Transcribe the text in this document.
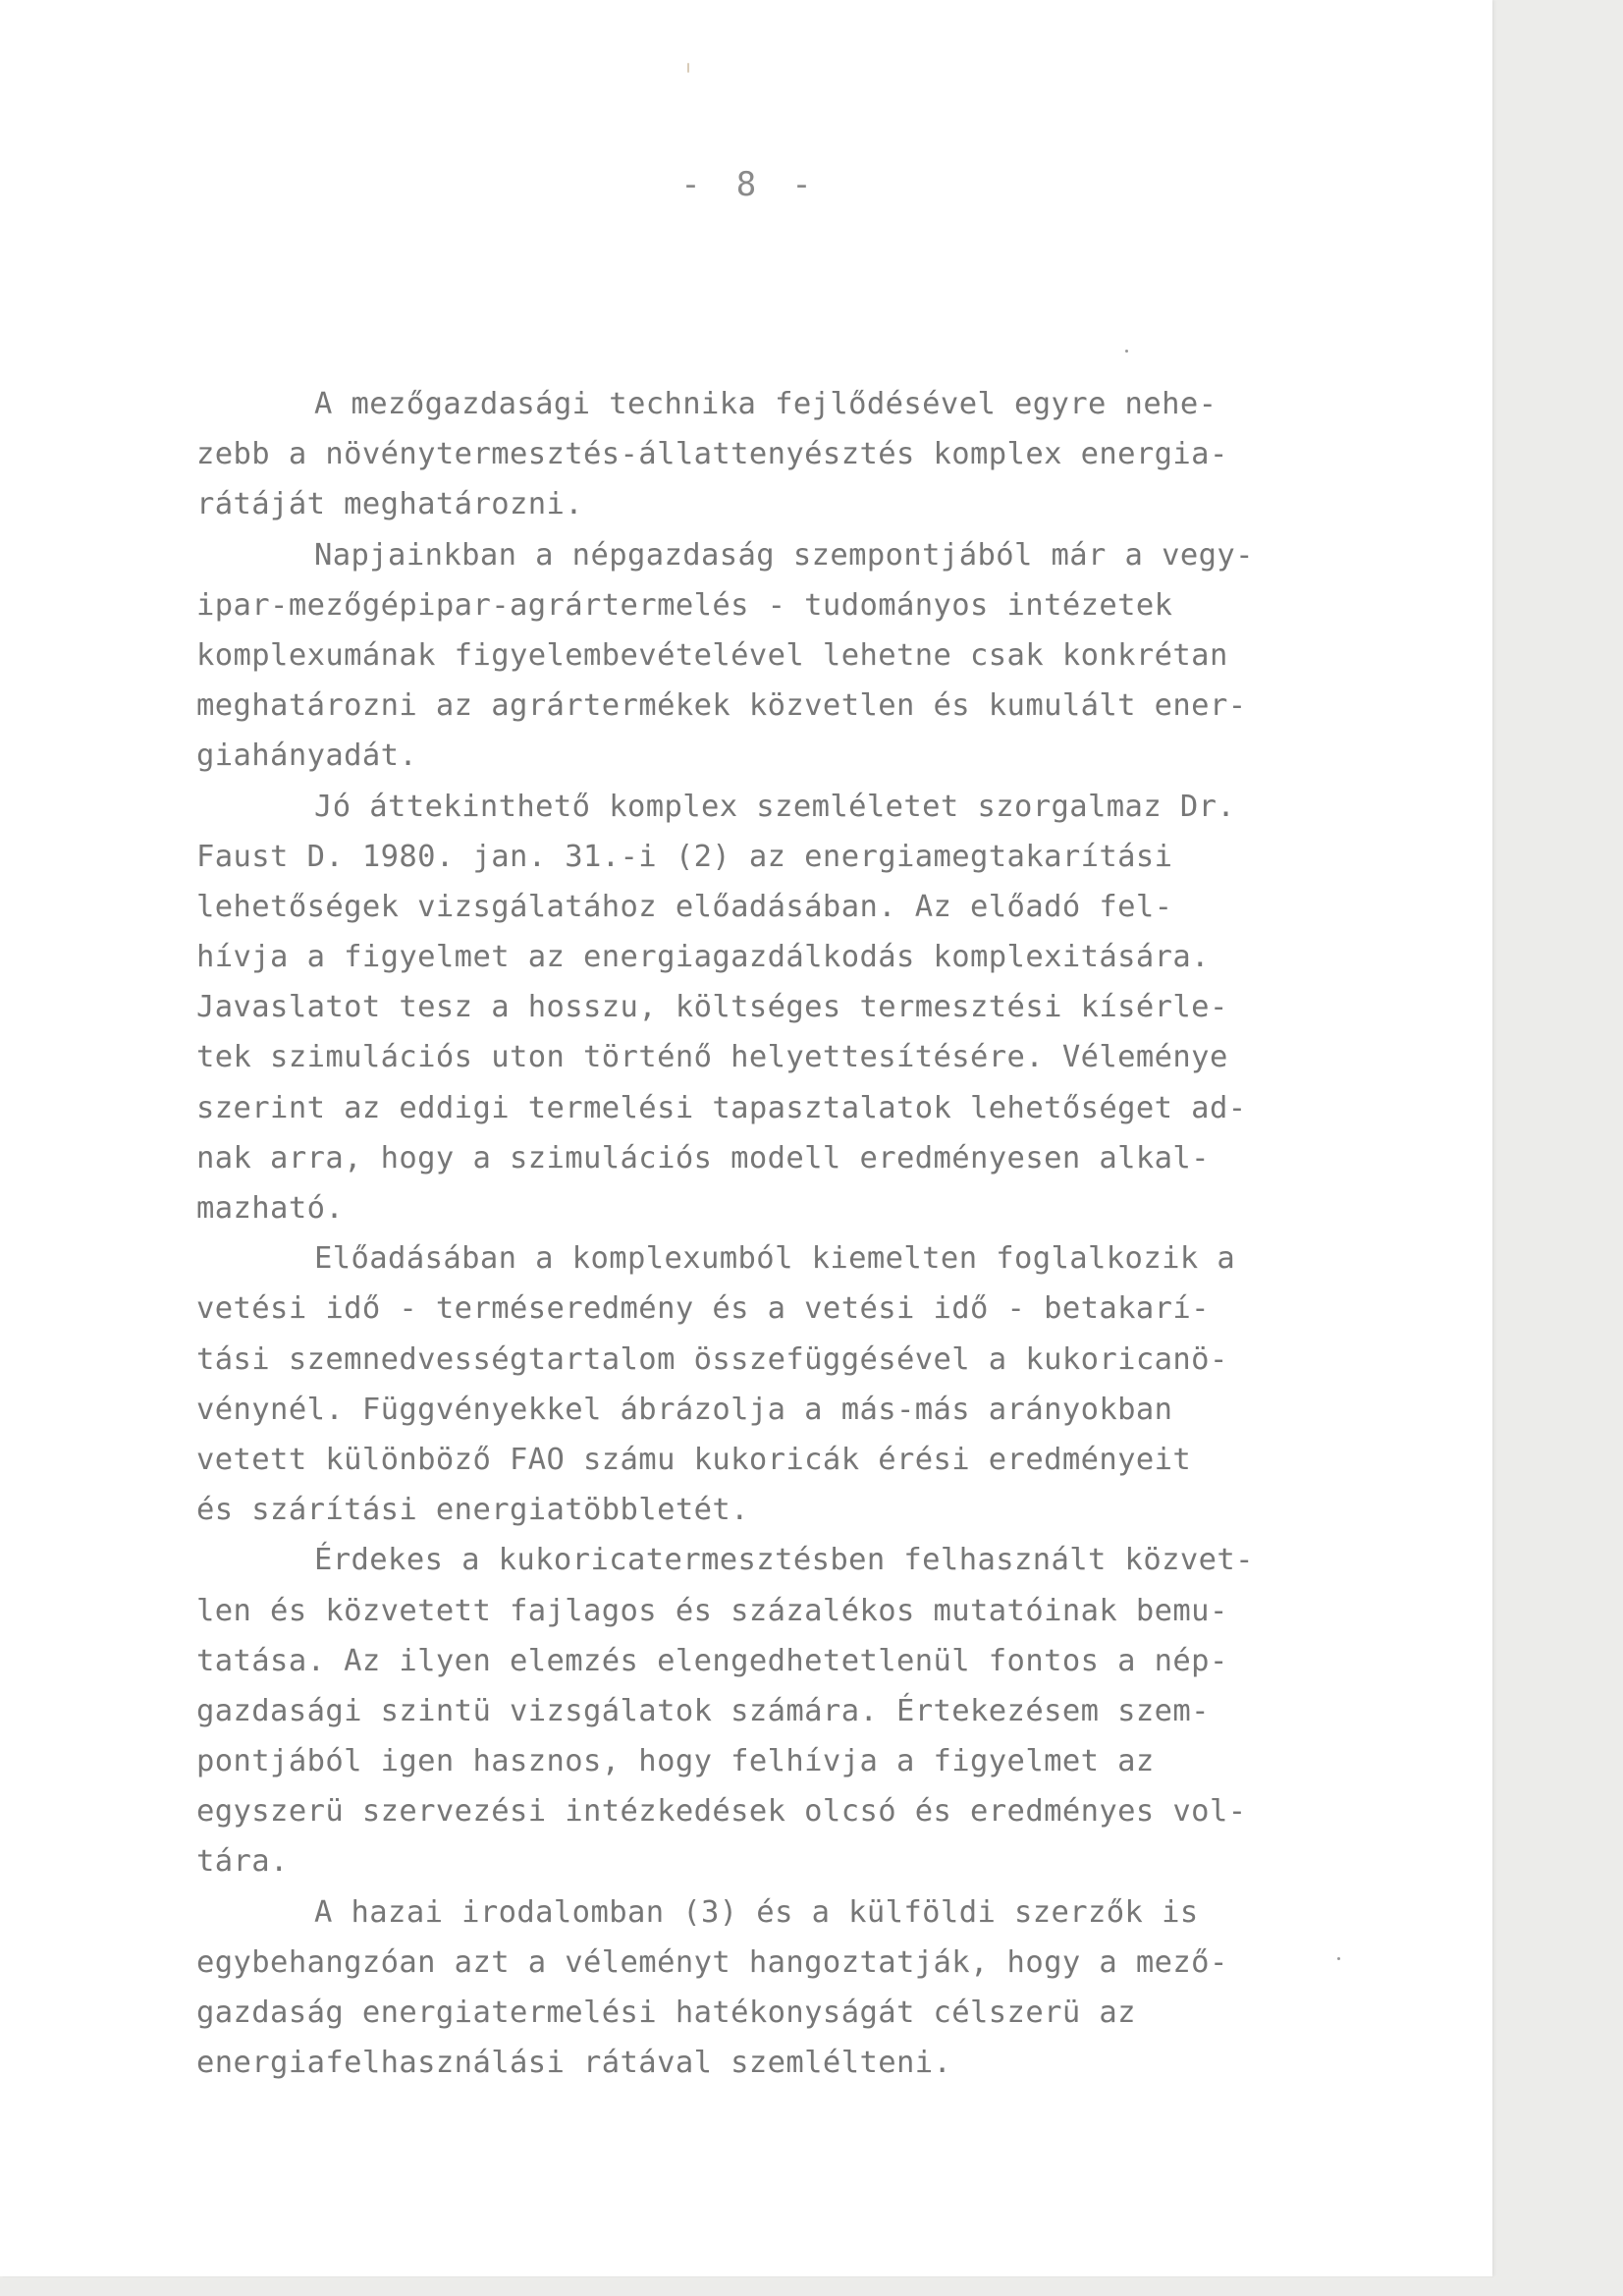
- 8 -
A mezőgazdasági technika fejlődésével egyre nehe-
zebb a növénytermesztés-állattenyésztés komplex energia-
rátáját meghatározni.
Napjainkban a népgazdaság szempontjából már a vegy-
ipar-mezőgépipar-agrártermelés - tudományos intézetek
komplexumának figyelembevételével lehetne csak konkrétan
meghatározni az agrártermékek közvetlen és kumulált ener-
giahányadát.
Jó áttekinthető komplex szemléletet szorgalmaz Dr.
Faust D. 1980. jan. 31.-i (2) az energiamegtakarítási
lehetőségek vizsgálatához előadásában. Az előadó fel-
hívja a figyelmet az energiagazdálkodás komplexitására.
Javaslatot tesz a hosszu, költséges termesztési kísérle-
tek szimulációs uton történő helyettesítésére. Véleménye
szerint az eddigi termelési tapasztalatok lehetőséget ad-
nak arra, hogy a szimulációs modell eredményesen alkal-
mazható.
Előadásában a komplexumból kiemelten foglalkozik a
vetési idő - terméseredmény és a vetési idő - betakarí-
tási szemnedvességtartalom összefüggésével a kukoricanö-
vénynél. Függvényekkel ábrázolja a más-más arányokban
vetett különböző FAO számu kukoricák érési eredményeit
és szárítási energiatöbbletét.
Érdekes a kukoricatermesztésben felhasznált közvet-
len és közvetett fajlagos és százalékos mutatóinak bemu-
tatása. Az ilyen elemzés elengedhetetlenül fontos a nép-
gazdasági szintü vizsgálatok számára. Értekezésem szem-
pontjából igen hasznos, hogy felhívja a figyelmet az
egyszerü szervezési intézkedések olcsó és eredményes vol-
tára.
A hazai irodalomban (3) és a külföldi szerzők is
egybehangzóan azt a véleményt hangoztatják, hogy a mező-
gazdaság energiatermelési hatékonyságát célszerü az
energiafelhasználási rátával szemlélteni.
